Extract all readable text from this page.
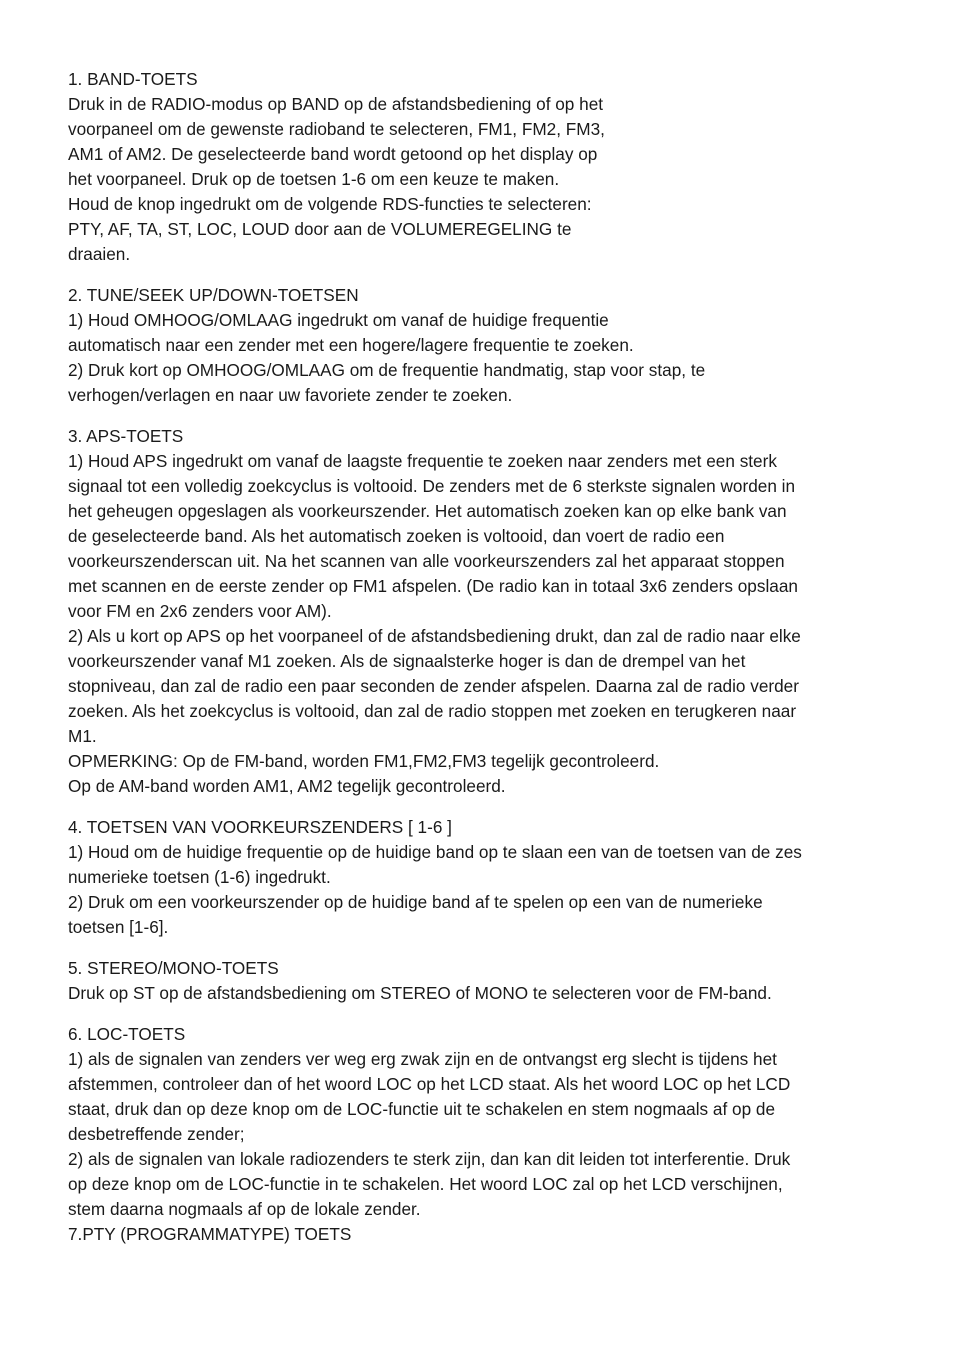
1. BAND-TOETS
Druk in de RADIO-modus op BAND op de afstandsbediening of op het
voorpaneel om de gewenste radioband te selecteren, FM1, FM2, FM3,
AM1 of AM2. De geselecteerde band wordt getoond op het display op
het voorpaneel. Druk op de toetsen 1-6 om een keuze te maken.
Houd de knop ingedrukt om de volgende RDS-functies te selecteren:
PTY, AF, TA, ST, LOC, LOUD door aan de VOLUMEREGELING te
draaien.
2. TUNE/SEEK UP/DOWN-TOETSEN
1) Houd OMHOOG/OMLAAG ingedrukt om vanaf de huidige frequentie
automatisch naar een zender met een hogere/lagere frequentie te zoeken.
2) Druk kort op OMHOOG/OMLAAG om de frequentie handmatig, stap voor stap, te
verhogen/verlagen en naar uw favoriete zender te zoeken.
3. APS-TOETS
1) Houd APS ingedrukt om vanaf de laagste frequentie te zoeken naar zenders met een sterk
signaal tot een volledig zoekcyclus is voltooid. De zenders met de 6 sterkste signalen worden in
het geheugen opgeslagen als voorkeurszender. Het automatisch zoeken kan op elke bank van
de geselecteerde band. Als het automatisch zoeken is voltooid, dan voert de radio een
voorkeurszenderscan uit. Na het scannen van alle voorkeurszenders zal het apparaat stoppen
met scannen en de eerste zender op FM1 afspelen. (De radio kan in totaal 3x6 zenders opslaan
voor FM en 2x6 zenders voor AM).
2) Als u kort op APS op het voorpaneel of de afstandsbediening drukt, dan zal de radio naar elke
voorkeurszender vanaf M1 zoeken. Als de signaalsterke hoger is dan de drempel van het
stopniveau, dan zal de radio een paar seconden de zender afspelen. Daarna zal de radio verder
zoeken. Als het zoekcyclus is voltooid, dan zal de radio stoppen met zoeken en terugkeren naar
M1.
OPMERKING: Op de FM-band, worden FM1,FM2,FM3 tegelijk gecontroleerd.
Op de AM-band worden AM1, AM2 tegelijk gecontroleerd.
4. TOETSEN VAN VOORKEURSZENDERS [ 1-6 ]
1) Houd om de huidige frequentie op de huidige band op te slaan een van de toetsen van de zes
numerieke toetsen (1-6) ingedrukt.
2) Druk om een voorkeurszender op de huidige band af te spelen op een van de numerieke
toetsen [1-6].
5. STEREO/MONO-TOETS
Druk op ST op de afstandsbediening om STEREO of MONO te selecteren voor de FM-band.
6. LOC-TOETS
1) als de signalen van zenders ver weg erg zwak zijn en de ontvangst erg slecht is tijdens het
afstemmen, controleer dan of het woord LOC op het LCD staat. Als het woord LOC op het LCD
staat, druk dan op deze knop om de LOC-functie uit te schakelen en stem nogmaals af op de
desbetreffende zender;
2) als de signalen van lokale radiozenders te sterk zijn, dan kan dit leiden tot interferentie. Druk
op deze knop om de LOC-functie in te schakelen. Het woord LOC zal op het LCD verschijnen,
stem daarna nogmaals af op de lokale zender.
7.PTY (PROGRAMMATYPE) TOETS
